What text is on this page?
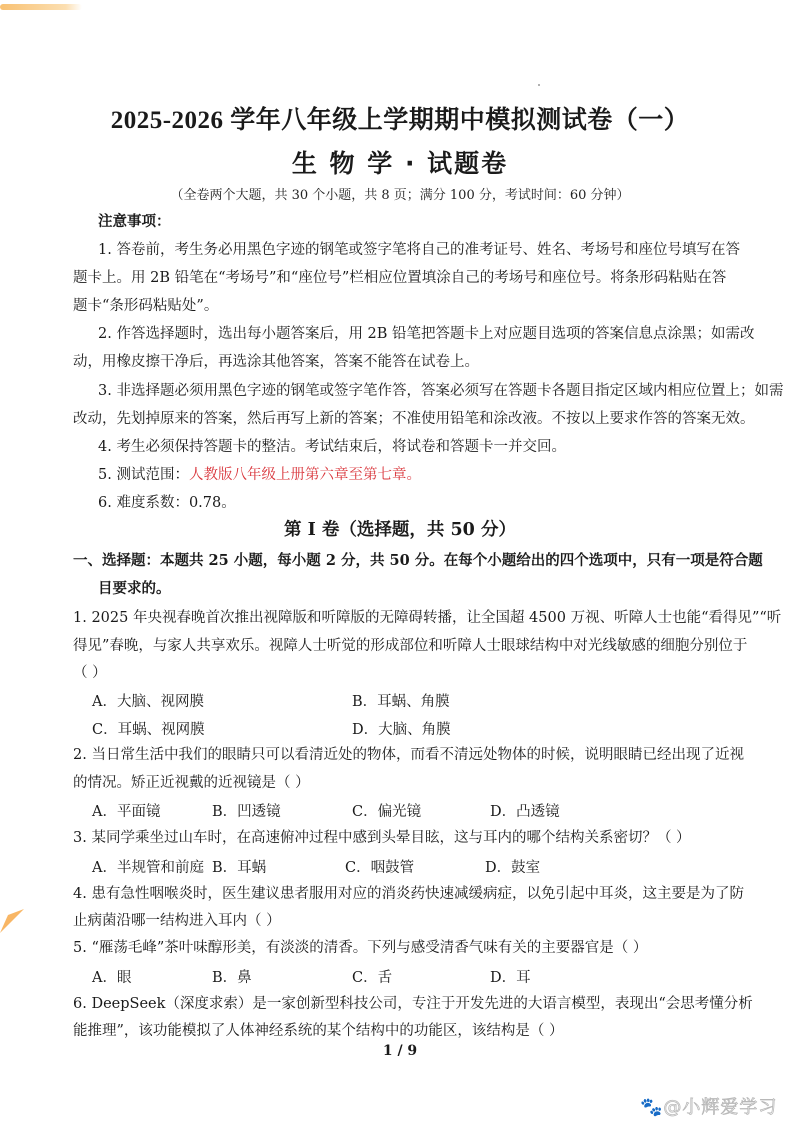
2025-2026 学年八年级上学期期中模拟测试卷（一）
生 物 学 · 试题卷
（全卷两个大题，共 30 个小题，共 8 页；满分 100 分，考试时间：60 分钟）
注意事项：
1. 答卷前，考生务必用黑色字迹的钢笔或签字笔将自己的准考证号、姓名、考场号和座位号填写在答
题卡上。用 2B 铅笔在“考场号”和“座位号”栏相应位置填涂自己的考场号和座位号。将条形码粘贴在答
题卡“条形码粘贴处”。
2. 作答选择题时，选出每小题答案后，用 2B 铅笔把答题卡上对应题目选项的答案信息点涂黑；如需改
动，用橡皮擦干净后，再选涂其他答案，答案不能答在试卷上。
3. 非选择题必须用黑色字迹的钢笔或签字笔作答，答案必须写在答题卡各题目指定区域内相应位置上；如需
改动，先划掉原来的答案，然后再写上新的答案；不准使用铅笔和涂改液。不按以上要求作答的答案无效。
4. 考生必须保持答题卡的整洁。考试结束后，将试卷和答题卡一并交回。
5. 测试范围：人教版八年级上册第六章至第七章。
6. 难度系数：0.78。
第 I 卷（选择题，共 50 分）
一、选择题：本题共 25 小题，每小题 2 分，共 50 分。在每个小题给出的四个选项中，只有一项是符合题
目要求的。
1. 2025 年央视春晚首次推出视障版和听障版的无障碍转播，让全国超 4500 万视、听障人士也能“看得见”“听
得见”春晚，与家人共享欢乐。视障人士听觉的形成部位和听障人士眼球结构中对光线敏感的细胞分别位于
（ ）
A．大脑、视网膜	B．耳蜗、角膜
C．耳蜗、视网膜	D．大脑、角膜
2. 当日常生活中我们的眼睛只可以看清近处的物体，而看不清远处物体的时候，说明眼睛已经出现了近视
的情况。矫正近视戴的近视镜是（ ）
A．平面镜	B．凹透镜	C．偏光镜	D．凸透镜
3. 某同学乘坐过山车时，在高速俯冲过程中感到头晕目眩，这与耳内的哪个结构关系密切？（ ）
A．半规管和前庭 B．耳蜗	C．咽鼓管	D．鼓室
4. 患有急性咽喉炎时，医生建议患者服用对应的消炎药快速减缓病症，以免引起中耳炎，这主要是为了防
止病菌沿哪一结构进入耳内（ ）
5. “雁荡毛峰”茶叶味醇形美，有淡淡的清香。下列与感受清香气味有关的主要器官是（ ）
A．眼	B．鼻	C．舌	D．耳
6. DeepSeek（深度求索）是一家创新型科技公司，专注于开发先进的大语言模型，表现出“会思考懂分析
能推理”，该功能模拟了人体神经系统的某个结构中的功能区，该结构是（ ）
1 / 9
🐾@小辉爱学习
